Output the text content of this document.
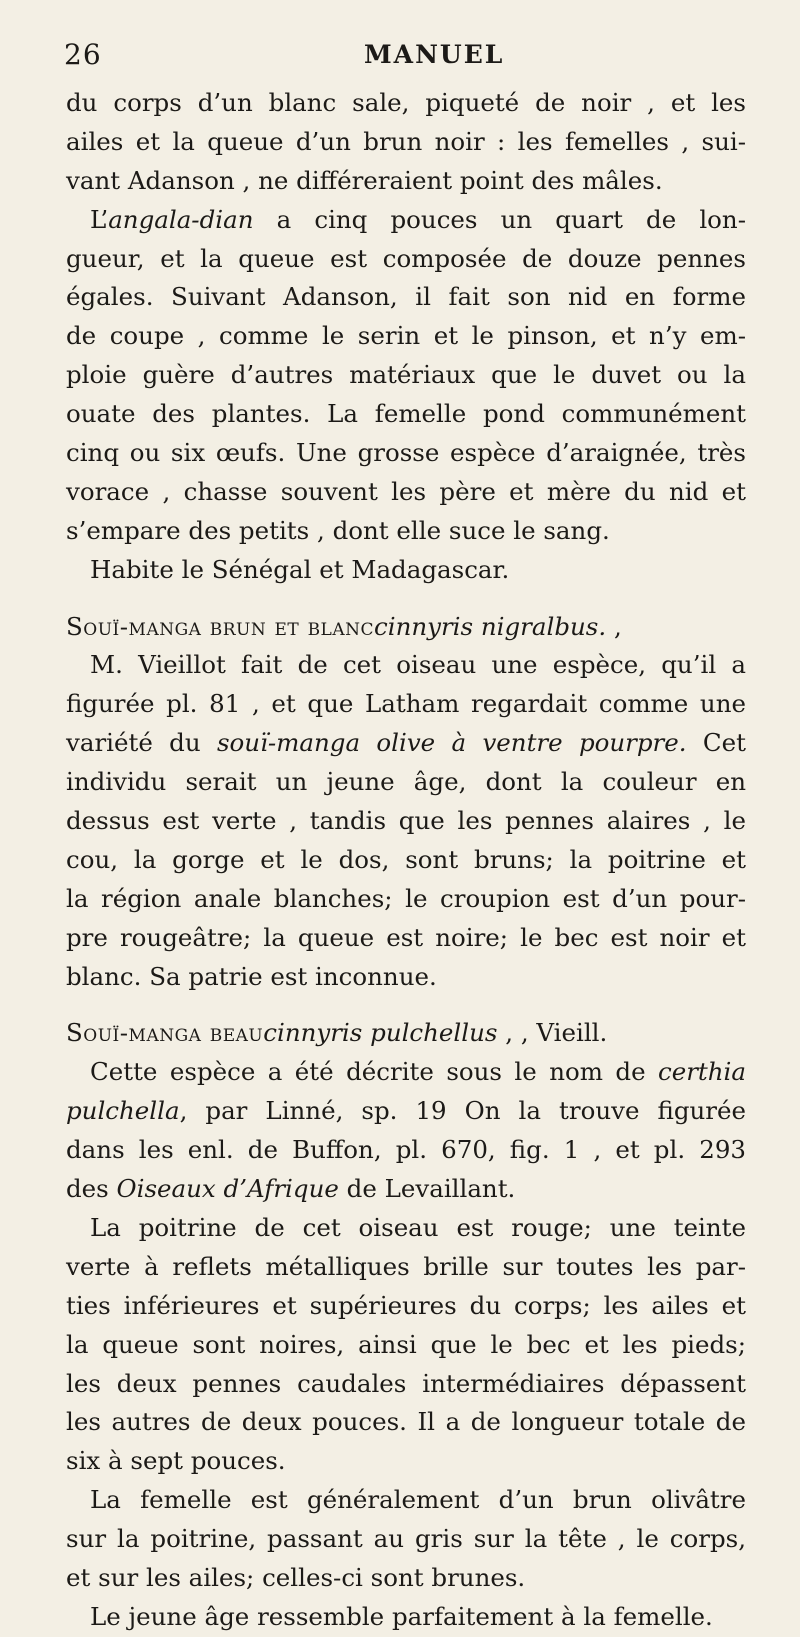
26	MANUEL
du corps d’un blanc sale, piqueté de noir , et les
ailes et la queue d’un brun noir : les femelles , sui-
vant Adanson , ne différeraient point des mâles.
L’angala-dian a cinq pouces un quart de lon-
gueur, et la queue est composée de douze pennes
égales. Suivant Adanson, il fait son nid en forme
de coupe , comme le serin et le pinson, et n’y em-
ploie guère d’autres matériaux que le duvet ou la
ouate des plantes. La femelle pond communément
cinq ou six œufs. Une grosse espèce d’araignée, très
vorace , chasse souvent les père et mère du nid et
s’empare des petits , dont elle suce le sang.
Habite le Sénégal et Madagascar.
Souï-manga brun et blanccinnyris nigralbus. ,
M. Vieillot fait de cet oiseau une espèce, qu’il a
figurée pl. 81 , et que Latham regardait comme une
variété du souï-manga olive à ventre pourpre. Cet
individu serait un jeune âge, dont la couleur en
dessus est verte , tandis que les pennes alaires , le
cou, la gorge et le dos, sont bruns; la poitrine et
la région anale blanches; le croupion est d’un pour-
pre rougeâtre; la queue est noire; le bec est noir et
blanc. Sa patrie est inconnue.
Souï-manga beaucinnyris pulchellus , , Vieill.
Cette espèce a été décrite sous le nom de certhia
pulchella, par Linné, sp. 19 On la trouve figurée
dans les enl. de Buffon, pl. 670, fig. 1 , et pl. 293
des Oiseaux d’Afrique de Levaillant.
La poitrine de cet oiseau est rouge; une teinte
verte à reflets métalliques brille sur toutes les par-
ties inférieures et supérieures du corps; les ailes et
la queue sont noires, ainsi que le bec et les pieds;
les deux pennes caudales intermédiaires dépassent
les autres de deux pouces. Il a de longueur totale de
six à sept pouces.
La femelle est généralement d’un brun olivâtre
sur la poitrine, passant au gris sur la tête , le corps,
et sur les ailes; celles-ci sont brunes.
Le jeune âge ressemble parfaitement à la femelle.
